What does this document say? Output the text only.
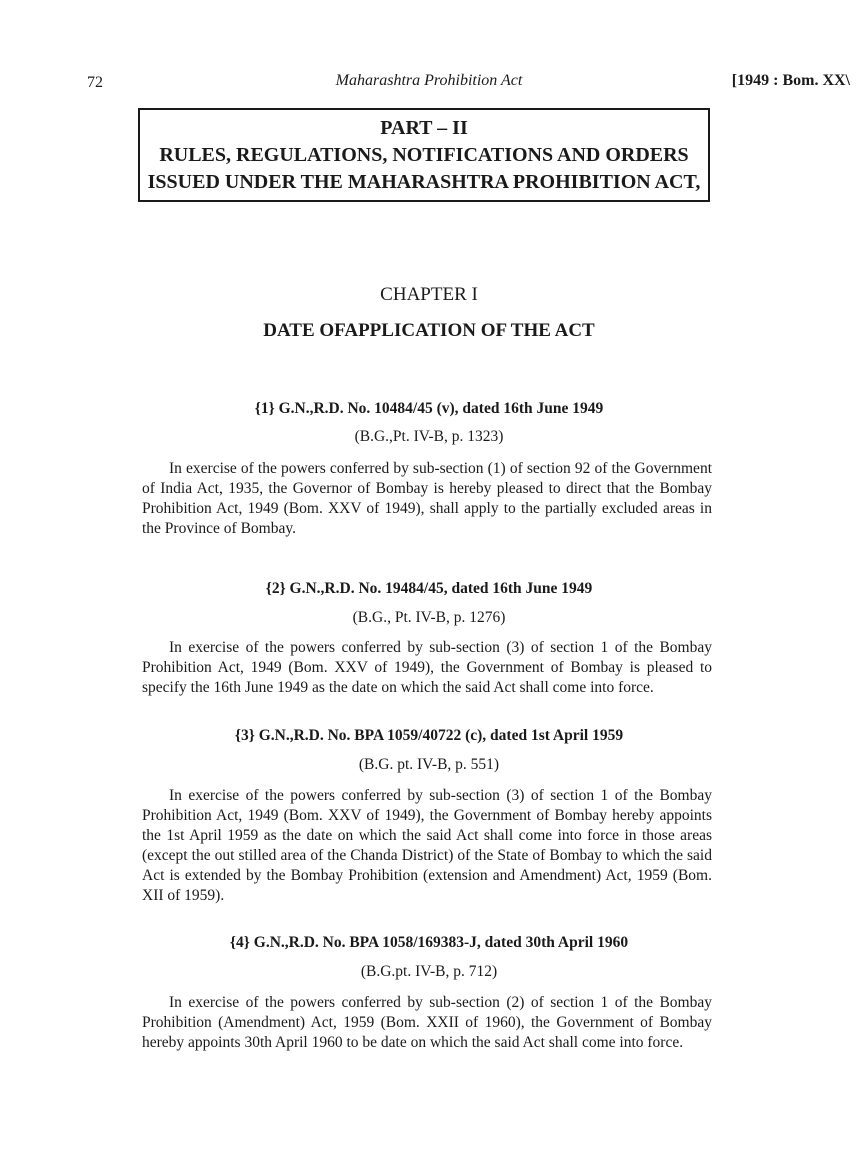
72	Maharashtra Prohibition Act	[1949 : Bom. XX\
PART – II
RULES, REGULATIONS, NOTIFICATIONS AND ORDERS
ISSUED UNDER THE MAHARASHTRA PROHIBITION ACT,
CHAPTER I
DATE OFAPPLICATION OF THE ACT
{1} G.N.,R.D. No. 10484/45 (v), dated 16th June 1949
(B.G.,Pt. IV-B, p. 1323)
In exercise of the powers conferred by sub-section (1) of section 92 of the Government of India Act, 1935, the Governor of Bombay is hereby pleased to direct that the Bombay Prohibition Act, 1949 (Bom. XXV of 1949), shall apply to the partially excluded areas in the Province of Bombay.
{2} G.N.,R.D. No. 19484/45, dated 16th June 1949
(B.G., Pt. IV-B, p. 1276)
In exercise of the powers conferred by sub-section (3) of section 1 of the Bombay Prohibition Act, 1949 (Bom. XXV of 1949), the Government of Bombay is pleased to specify the 16th June 1949 as the date on which the said Act shall come into force.
{3} G.N.,R.D. No. BPA 1059/40722 (c), dated 1st April 1959
(B.G. pt. IV-B, p. 551)
In exercise of the powers conferred by sub-section (3) of section 1 of the Bombay Prohibition Act, 1949 (Bom. XXV of 1949), the Government of Bombay hereby appoints the 1st April 1959 as the date on which the said Act shall come into force in those areas (except the out stilled area of the Chanda District) of the State of Bombay to which the said Act is extended by the Bombay Prohibition (extension and Amendment) Act, 1959 (Bom. XII of 1959).
{4} G.N.,R.D. No. BPA 1058/169383-J, dated 30th April 1960
(B.G.pt. IV-B, p. 712)
In exercise of the powers conferred by sub-section (2) of section 1 of the Bombay Prohibition (Amendment) Act, 1959 (Bom. XXII of 1960), the Government of Bombay hereby appoints 30th April 1960 to be date on which the said Act shall come into force.
